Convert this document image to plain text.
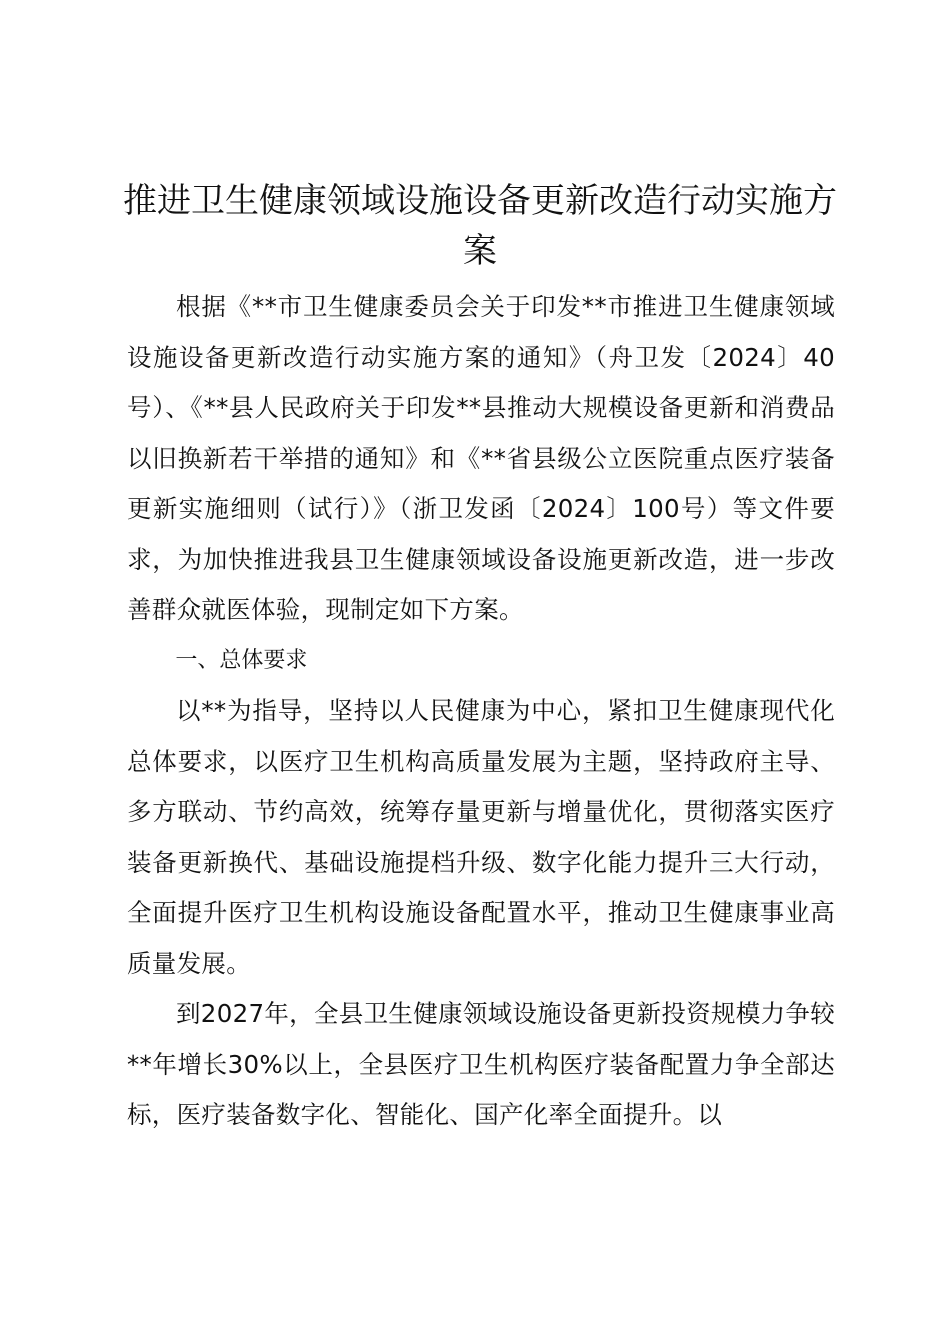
推进卫生健康领域设施设备更新改造行动实施方案

根据《**市卫生健康委员会关于印发**市推进卫生健康领域设施设备更新改造行动实施方案的通知》（舟卫发〔2024〕40号）、《**县人民政府关于印发**县推动大规模设备更新和消费品以旧换新若干举措的通知》和《**省县级公立医院重点医疗装备更新实施细则（试行）》（浙卫发函〔2024〕100号）等文件要求，为加快推进我县卫生健康领域设备设施更新改造，进一步改善群众就医体验，现制定如下方案。

一、总体要求

以**为指导，坚持以人民健康为中心，紧扣卫生健康现代化总体要求，以医疗卫生机构高质量发展为主题，坚持政府主导、多方联动、节约高效，统筹存量更新与增量优化，贯彻落实医疗装备更新换代、基础设施提档升级、数字化能力提升三大行动，全面提升医疗卫生机构设施设备配置水平，推动卫生健康事业高质量发展。

到2027年，全县卫生健康领域设施设备更新投资规模力争较**年增长30%以上，全县医疗卫生机构医疗装备配置力争全部达标，医疗装备数字化、智能化、国产化率全面提升。以
